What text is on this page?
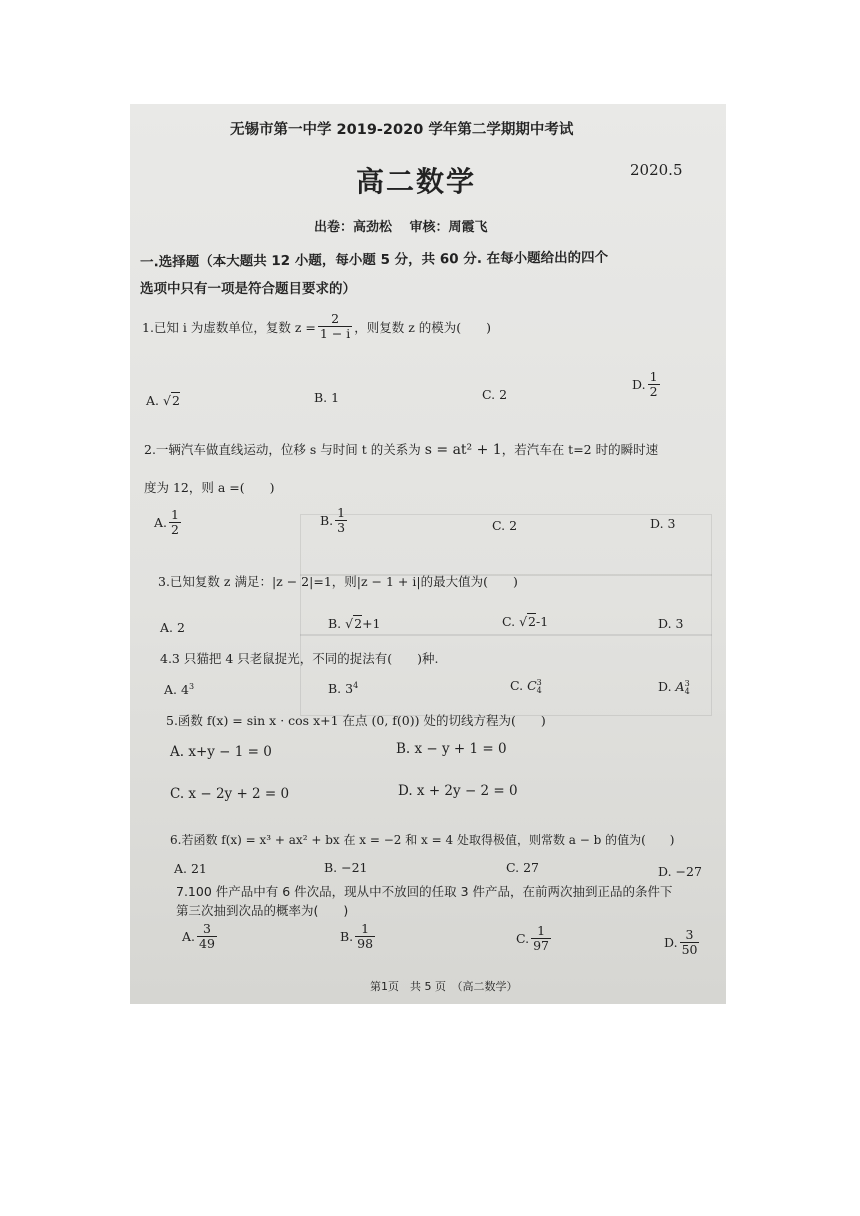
无锡市第一中学 2019-2020 学年第二学期期中考试
高二数学	2020.5
出卷：高劲松　 审核：周霞飞
一.选择题（本大题共 12 小题，每小题 5 分，共 60 分. 在每小题给出的四个
选项中只有一项是符合题目要求的）
1.已知 i 为虚数单位，复数 $z = \frac{2}{1 - i}$ ，则复数 z 的模为(　　)
A. √2	B. 1	C. 2
D. $\frac{1}{2}$
2.一辆汽车做直线运动，位移 s 与时间 t 的关系为 s = at² + 1，若汽车在 t=2 时的瞬时速
度为 12，则 a =(　　)
A. $\frac{1}{2}$	B. $\frac{1}{3}$	C. 2	D. 3
3.已知复数 z 满足：|z − 2|=1，则|z − 1 + i|的最大值为(　　)
A. 2	B. √2+1	C. √2-1	D. 3
4.3 只猫把 4 只老鼠捉光，不同的捉法有(　　)种.
A. $4^3$	B. $3^4$	C. C 3
4	D. A 3
4
5.函数 f(x) = sin x · cos x+1 在点 (0, f(0)) 处的切线方程为(　　)
A. x+y − 1 = 0	B. x − y + 1 = 0
C. x − 2y + 2 = 0	D. x + 2y − 2 = 0
6.若函数 f(x) = x³ + ax² + bx 在 x = −2 和 x = 4 处取得极值，则常数 a − b 的值为(　　)
A. 21	B. −21	C. 27	D. −27
7.100 件产品中有 6 件次品，现从中不放回的任取 3 件产品，在前两次抽到正品的条件下
第三次抽到次品的概率为(　　)
A. $\frac{3}{49}$	B. $\frac{1}{98}$	C. $\frac{1}{97}$	D. $\frac{3}{50}$
第1页　共 5 页　（高二数学）
